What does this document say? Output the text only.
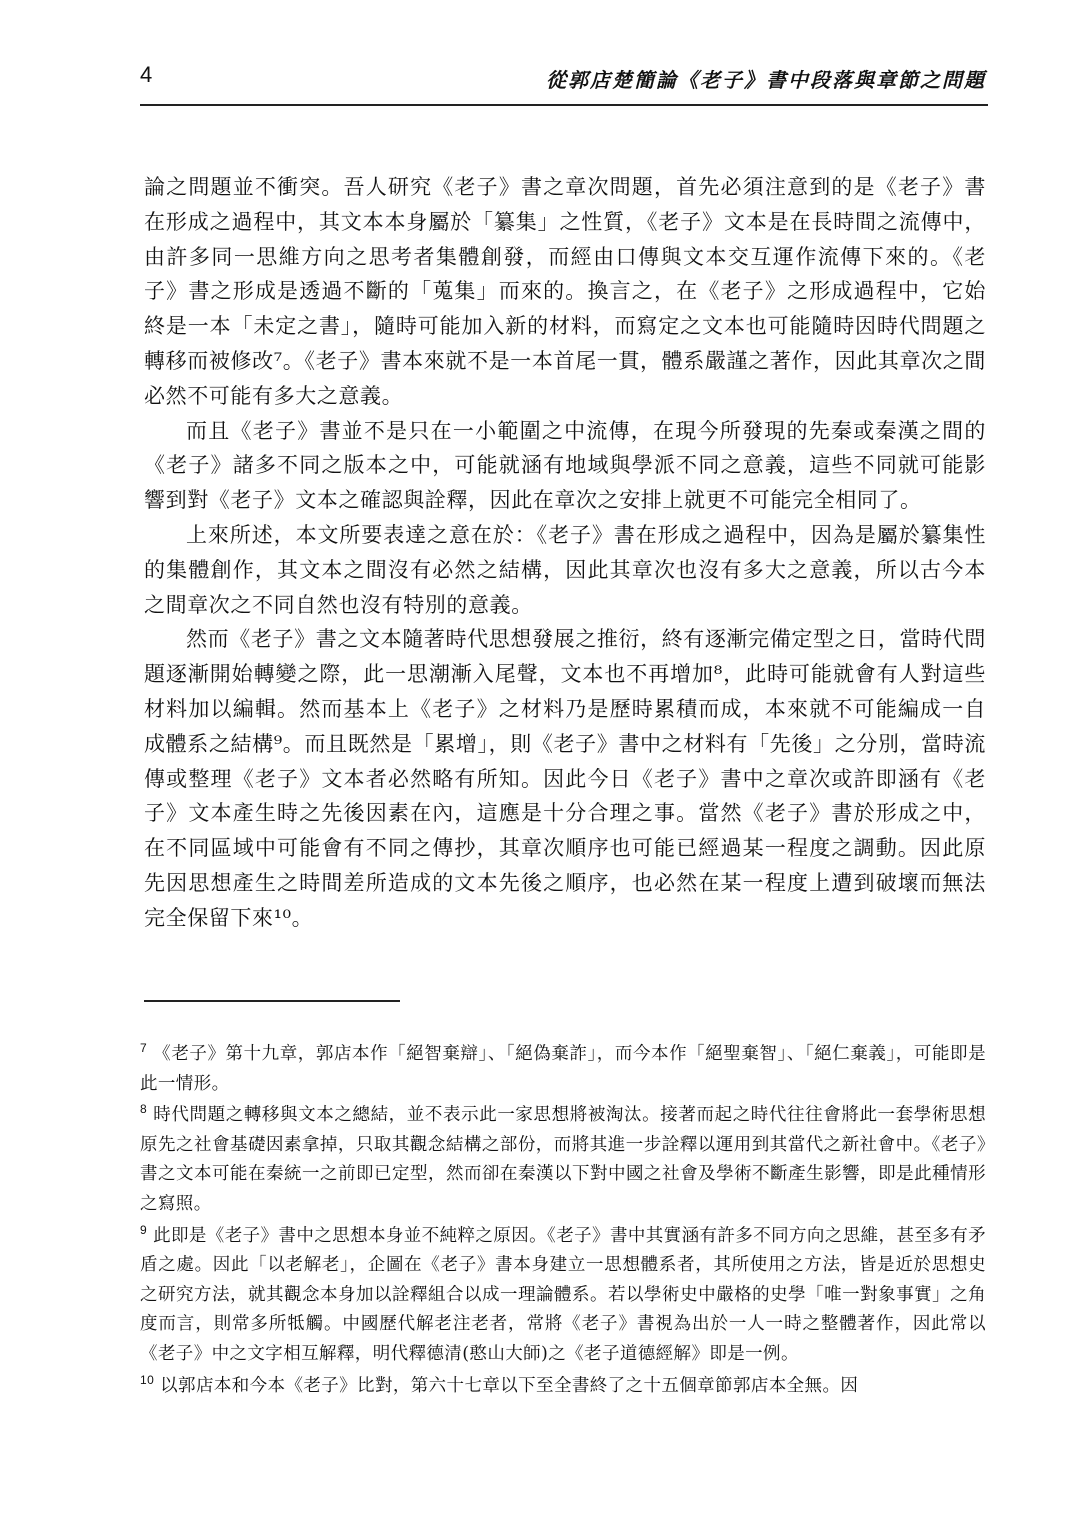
4	從郭店楚簡論《老子》書中段落與章節之問題

論之問題並不衝突。吾人研究《老子》書之章次問題，首先必須注意到的是《老子》書在形成之過程中，其文本本身屬於「纂集」之性質，《老子》文本是在長時間之流傳中，由許多同一思維方向之思考者集體創發，而經由口傳與文本交互運作流傳下來的。《老子》書之形成是透過不斷的「蒐集」而來的。換言之，在《老子》之形成過程中，它始終是一本「未定之書」，隨時可能加入新的材料，而寫定之文本也可能隨時因時代問題之轉移而被修改⁷。《老子》書本來就不是一本首尾一貫，體系嚴謹之著作，因此其章次之間必然不可能有多大之意義。

而且《老子》書並不是只在一小範圍之中流傳，在現今所發現的先秦或秦漢之間的《老子》諸多不同之版本之中，可能就涵有地域與學派不同之意義，這些不同就可能影響到對《老子》文本之確認與詮釋，因此在章次之安排上就更不可能完全相同了。

上來所述，本文所要表達之意在於：《老子》書在形成之過程中，因為是屬於纂集性的集體創作，其文本之間沒有必然之結構，因此其章次也沒有多大之意義，所以古今本之間章次之不同自然也沒有特別的意義。

然而《老子》書之文本隨著時代思想發展之推衍，終有逐漸完備定型之日，當時代問題逐漸開始轉變之際，此一思潮漸入尾聲，文本也不再增加⁸，此時可能就會有人對這些材料加以編輯。然而基本上《老子》之材料乃是歷時累積而成，本來就不可能編成一自成體系之結構⁹。而且既然是「累增」，則《老子》書中之材料有「先後」之分別，當時流傳或整理《老子》文本者必然略有所知。因此今日《老子》書中之章次或許即涵有《老子》文本產生時之先後因素在內，這應是十分合理之事。當然《老子》書於形成之中，在不同區域中可能會有不同之傳抄，其章次順序也可能已經過某一程度之調動。因此原先因思想產生之時間差所造成的文本先後之順序，也必然在某一程度上遭到破壞而無法完全保留下來¹⁰。

$^7$ 《老子》第十九章，郭店本作「絕智棄辯」、「絕偽棄詐」，而今本作「絕聖棄智」、「絕仁棄義」，可能即是此一情形。

$^8$ 時代問題之轉移與文本之總結，並不表示此一家思想將被淘汰。接著而起之時代往往會將此一套學術思想原先之社會基礎因素拿掉，只取其觀念結構之部份，而將其進一步詮釋以運用到其當代之新社會中。《老子》書之文本可能在秦統一之前即已定型，然而卻在秦漢以下對中國之社會及學術不斷產生影響，即是此種情形之寫照。

$^9$ 此即是《老子》書中之思想本身並不純粹之原因。《老子》書中其實涵有許多不同方向之思維，甚至多有矛盾之處。因此「以老解老」，企圖在《老子》書本身建立一思想體系者，其所使用之方法，皆是近於思想史之研究方法，就其觀念本身加以詮釋組合以成一理論體系。若以學術史中嚴格的史學「唯一對象事實」之角度而言，則常多所牴觸。中國歷代解老注老者，常將《老子》書視為出於一人一時之整體著作，因此常以《老子》中之文字相互解釋，明代釋德清(憨山大師)之《老子道德經解》即是一例。

$^{10}$ 以郭店本和今本《老子》比對，第六十七章以下至全書終了之十五個章節郭店本全無。因
